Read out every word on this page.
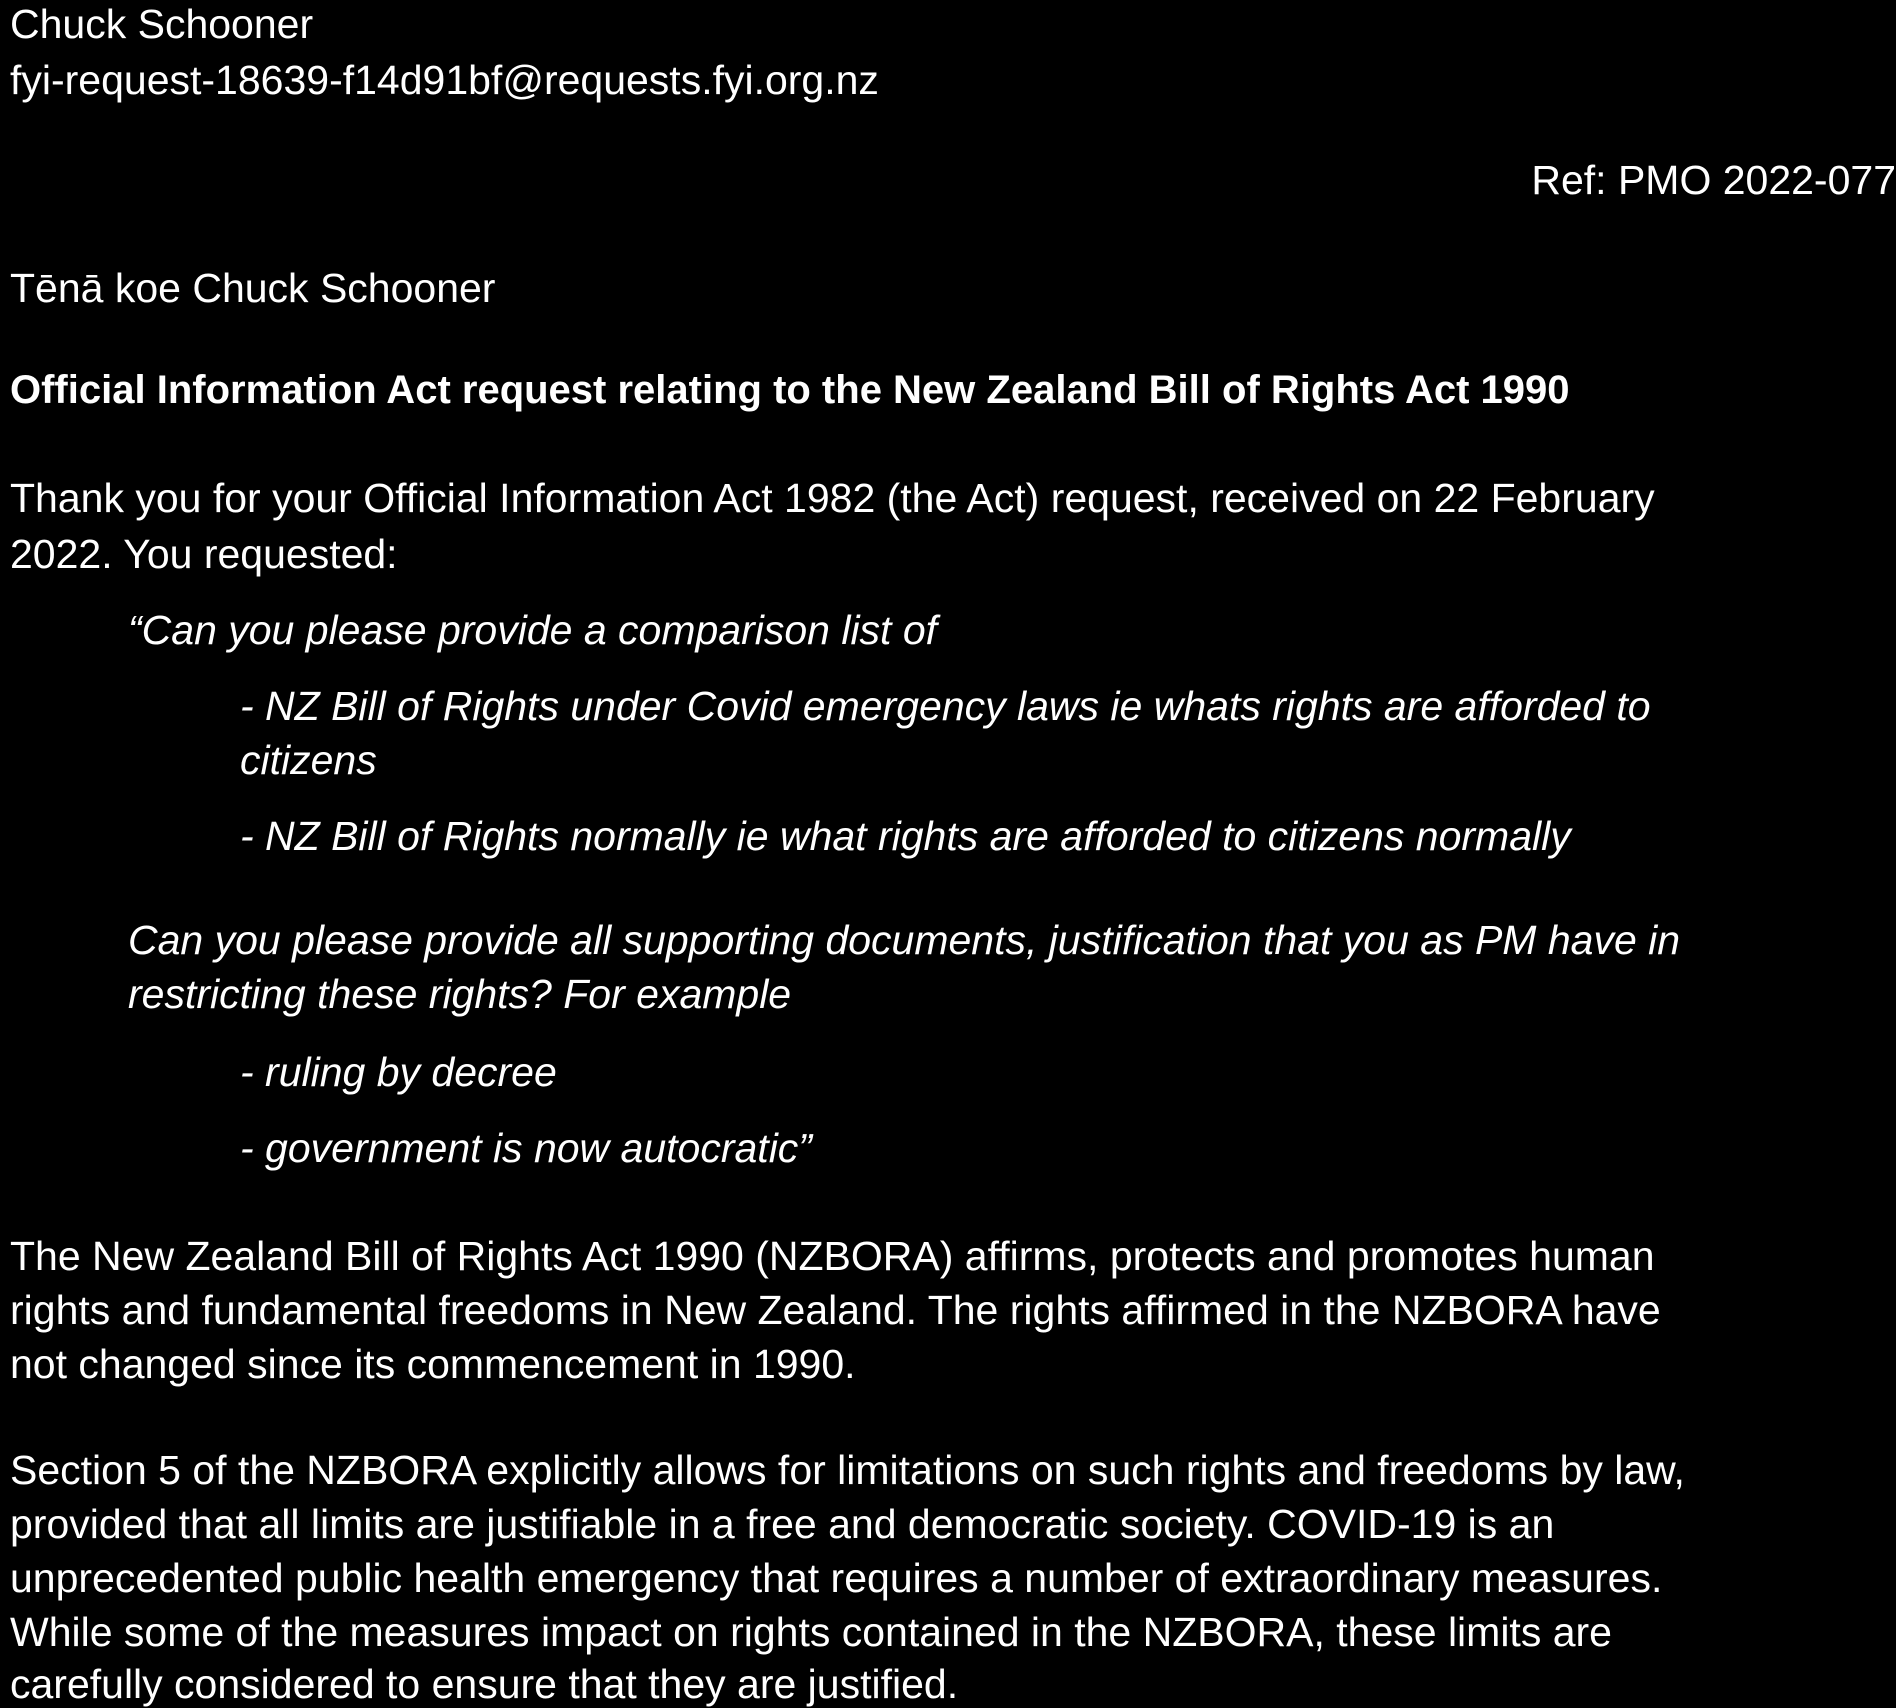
Chuck Schooner
fyi-request-18639-f14d91bf@requests.fyi.org.nz
Ref: PMO 2022-077
Tēnā koe Chuck Schooner
Official Information Act request relating to the New Zealand Bill of Rights Act 1990
Thank you for your Official Information Act 1982 (the Act) request, received on 22 February
2022. You requested:
“Can you please provide a comparison list of
- NZ Bill of Rights under Covid emergency laws ie whats rights are afforded to
citizens
- NZ Bill of Rights normally ie what rights are afforded to citizens normally
Can you please provide all supporting documents, justification that you as PM have in
restricting these rights? For example
- ruling by decree
- government is now autocratic”
The New Zealand Bill of Rights Act 1990 (NZBORA) affirms, protects and promotes human
rights and fundamental freedoms in New Zealand. The rights affirmed in the NZBORA have
not changed since its commencement in 1990.
Section 5 of the NZBORA explicitly allows for limitations on such rights and freedoms by law,
provided that all limits are justifiable in a free and democratic society. COVID-19 is an
unprecedented public health emergency that requires a number of extraordinary measures.
While some of the measures impact on rights contained in the NZBORA, these limits are
carefully considered to ensure that they are justified.
